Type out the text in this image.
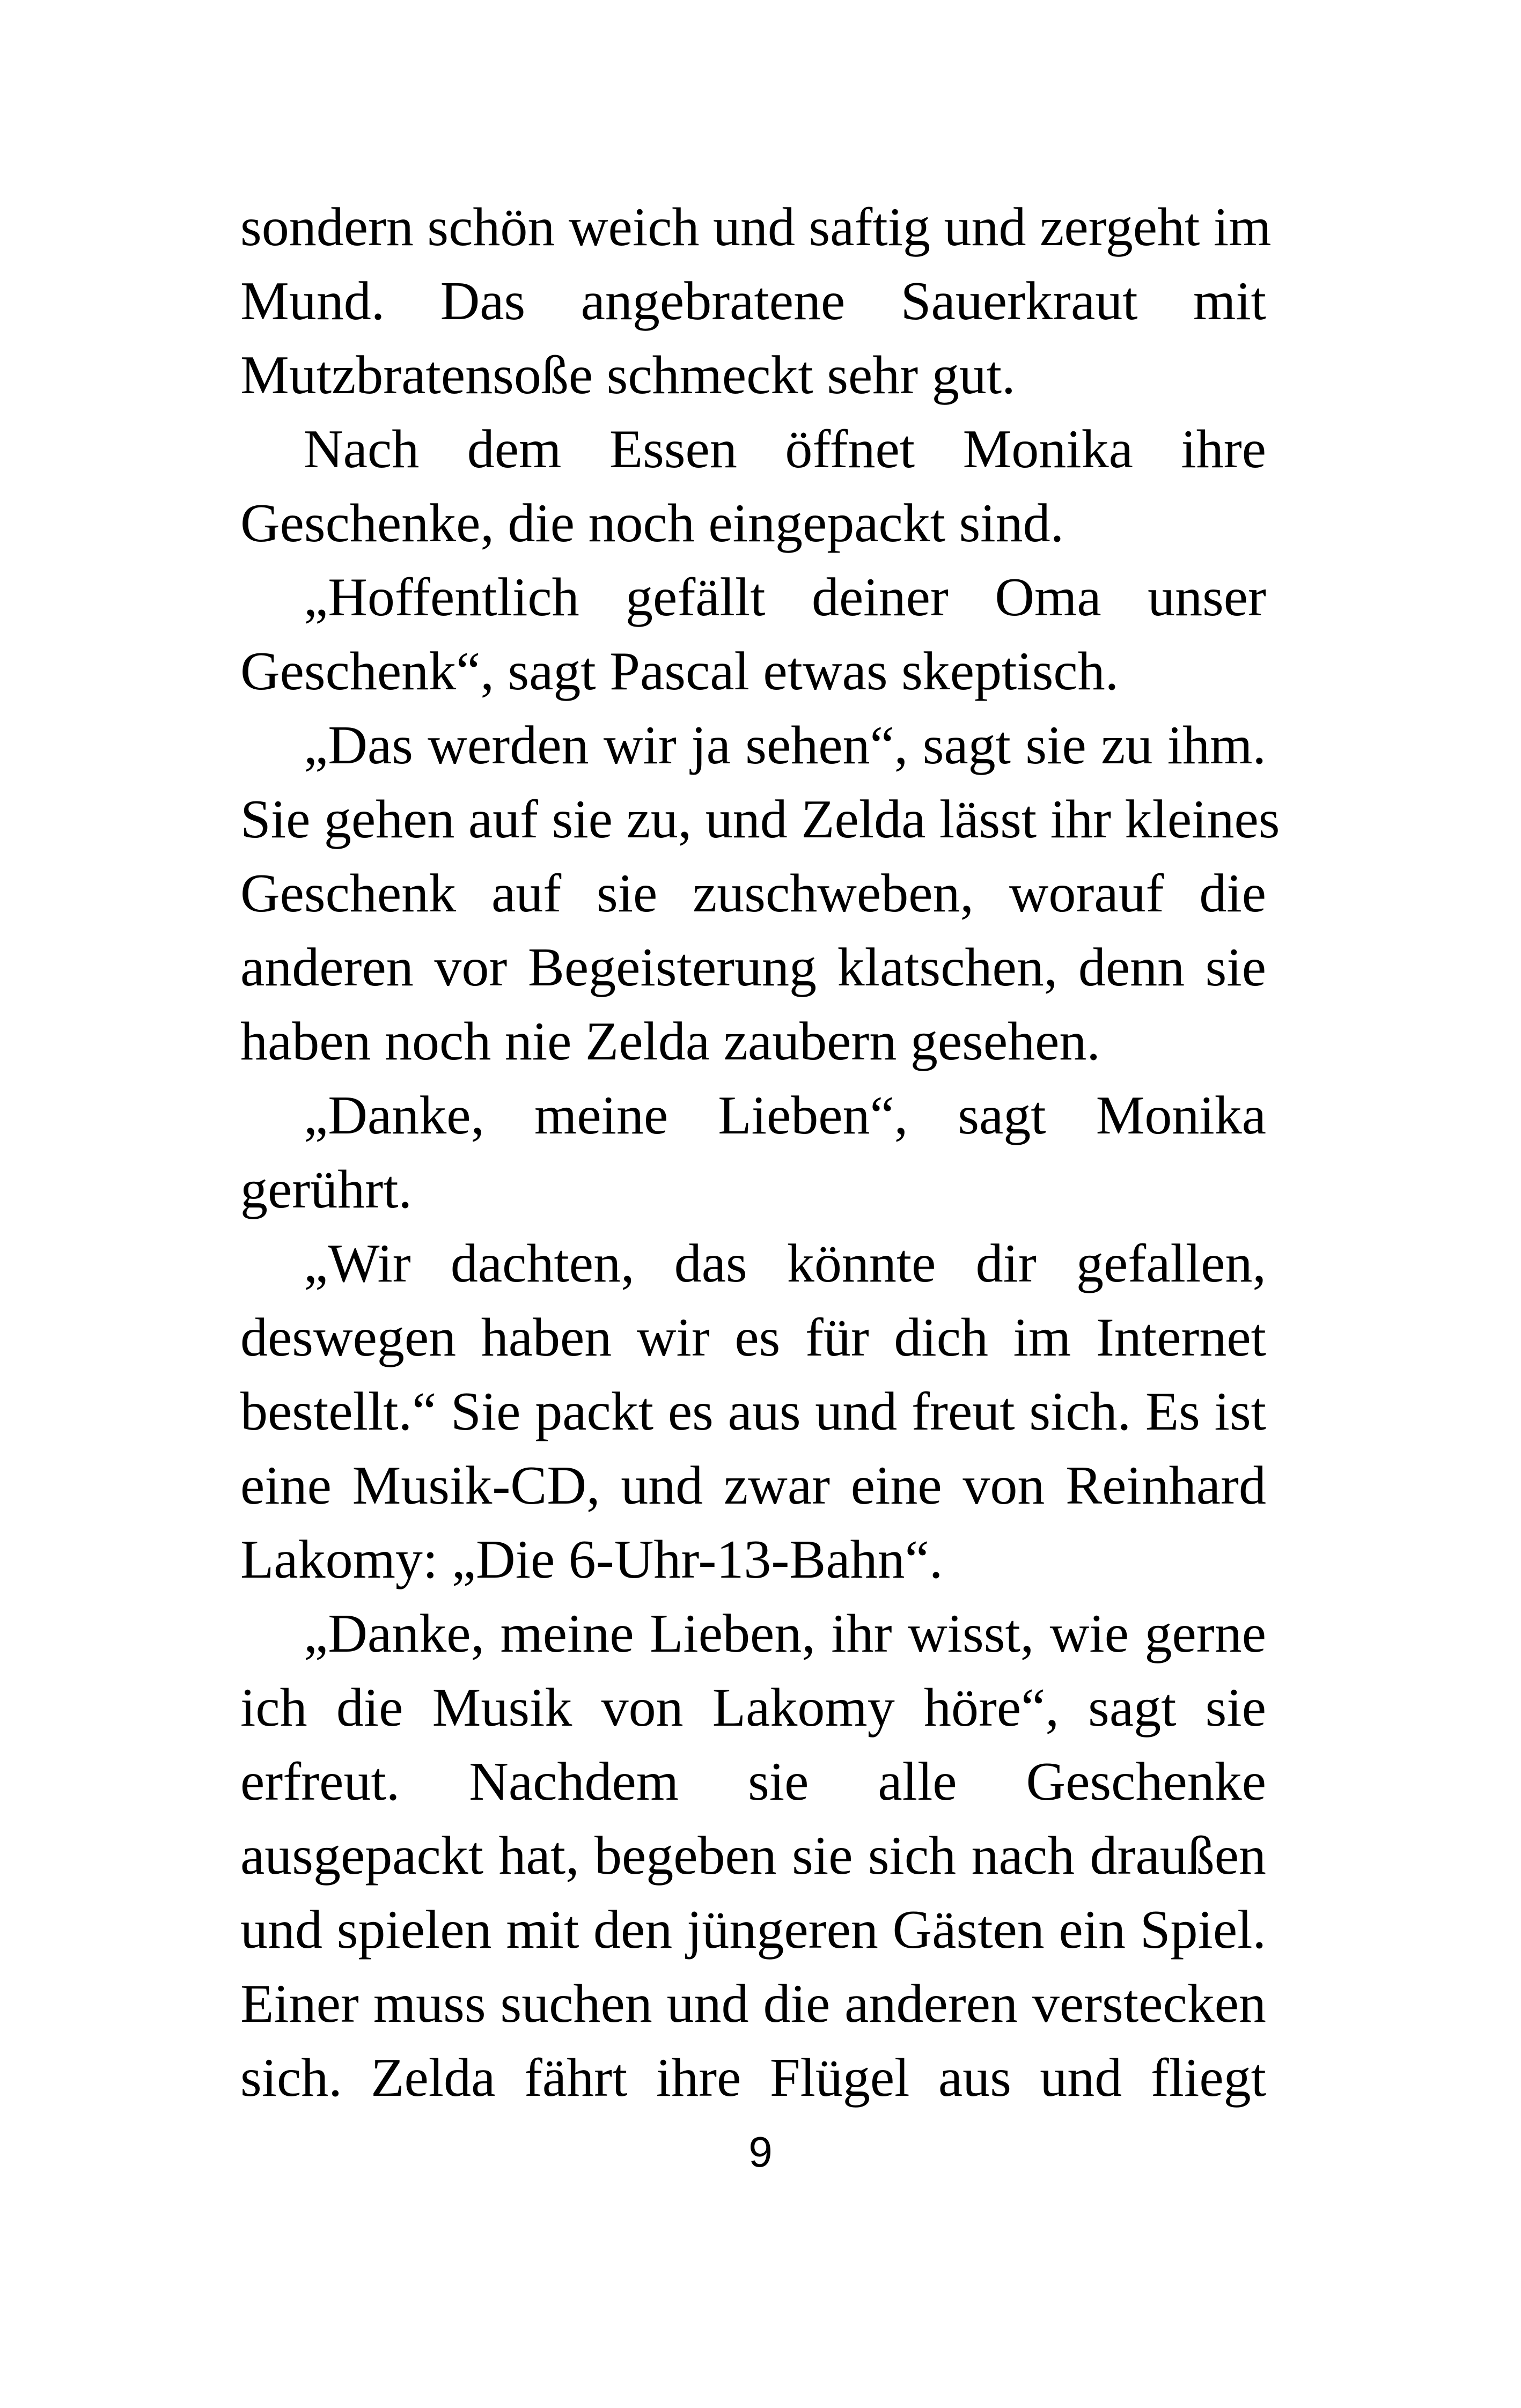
sondern schön weich und saftig und zergeht im
Mund. Das angebratene Sauerkraut mit
Mutzbratensoße schmeckt sehr gut.
Nach dem Essen öffnet Monika ihre
Geschenke, die noch eingepackt sind.
„Hoffentlich gefällt deiner Oma unser
Geschenk“, sagt Pascal etwas skeptisch.
„Das werden wir ja sehen“, sagt sie zu ihm.
Sie gehen auf sie zu, und Zelda lässt ihr kleines
Geschenk auf sie zuschweben, worauf die
anderen vor Begeisterung klatschen, denn sie
haben noch nie Zelda zaubern gesehen.
„Danke, meine Lieben“, sagt Monika
gerührt.
„Wir dachten, das könnte dir gefallen,
deswegen haben wir es für dich im Internet
bestellt.“ Sie packt es aus und freut sich. Es ist
eine Musik-CD, und zwar eine von Reinhard
Lakomy: „Die 6-Uhr-13-Bahn“.
„Danke, meine Lieben, ihr wisst, wie gerne
ich die Musik von Lakomy höre“, sagt sie
erfreut. Nachdem sie alle Geschenke
ausgepackt hat, begeben sie sich nach draußen
und spielen mit den jüngeren Gästen ein Spiel.
Einer muss suchen und die anderen verstecken
sich. Zelda fährt ihre Flügel aus und fliegt
9
